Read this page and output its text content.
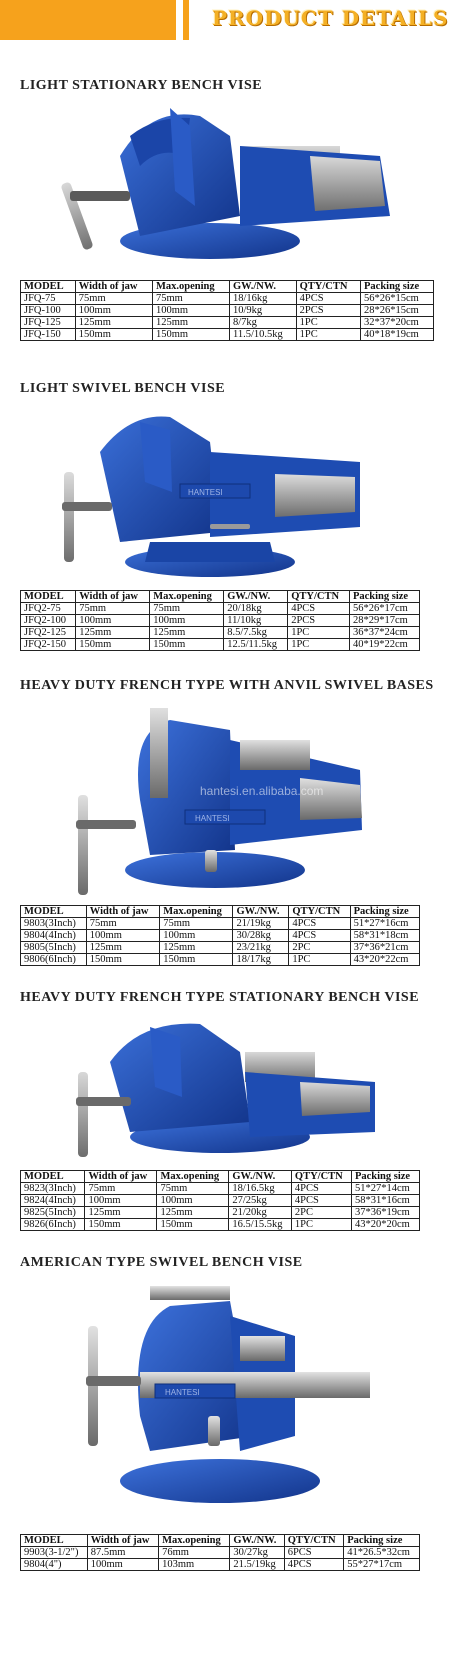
PRODUCT DETAILS
LIGHT STATIONARY BENCH VISE
MODEL	Width of jaw	Max.opening	GW./NW.	QTY/CTN	Packing size
JFQ-75	75mm	75mm	18/16kg	4PCS	56*26*15cm
JFQ-100	100mm	100mm	10/9kg	2PCS	28*26*15cm
JFQ-125	125mm	125mm	8/7kg	1PC	32*37*20cm
JFQ-150	150mm	150mm	11.5/10.5kg	1PC	40*18*19cm
LIGHT SWIVEL BENCH VISE
HANTESI
MODEL	Width of jaw	Max.opening	GW./NW.	QTY/CTN	Packing size
JFQ2-75	75mm	75mm	20/18kg	4PCS	56*26*17cm
JFQ2-100	100mm	100mm	11/10kg	2PCS	28*29*17cm
JFQ2-125	125mm	125mm	8.5/7.5kg	1PC	36*37*24cm
JFQ2-150	150mm	150mm	12.5/11.5kg	1PC	40*19*22cm
HEAVY DUTY FRENCH TYPE WITH ANVIL SWIVEL BASES
HANTESI
hantesi.en.alibaba.com
MODEL	Width of jaw	Max.opening	GW./NW.	QTY/CTN	Packing size
9803(3Inch)	75mm	75mm	21/19kg	4PCS	51*27*16cm
9804(4Inch)	100mm	100mm	30/28kg	4PCS	58*31*18cm
9805(5Inch)	125mm	125mm	23/21kg	2PC	37*36*21cm
9806(6Inch)	150mm	150mm	18/17kg	1PC	43*20*22cm
HEAVY DUTY FRENCH TYPE STATIONARY BENCH VISE
MODEL	Width of jaw	Max.opening	GW./NW.	QTY/CTN	Packing size
9823(3Inch)	75mm	75mm	18/16.5kg	4PCS	51*27*14cm
9824(4Inch)	100mm	100mm	27/25kg	4PCS	58*31*16cm
9825(5Inch)	125mm	125mm	21/20kg	2PC	37*36*19cm
9826(6Inch)	150mm	150mm	16.5/15.5kg	1PC	43*20*20cm
AMERICAN TYPE SWIVEL BENCH VISE
HANTESI
MODEL	Width of jaw	Max.opening	GW./NW.	QTY/CTN	Packing size
9903(3-1/2")	87.5mm	76mm	30/27kg	6PCS	41*26.5*32cm
9804(4")	100mm	103mm	21.5/19kg	4PCS	55*27*17cm
